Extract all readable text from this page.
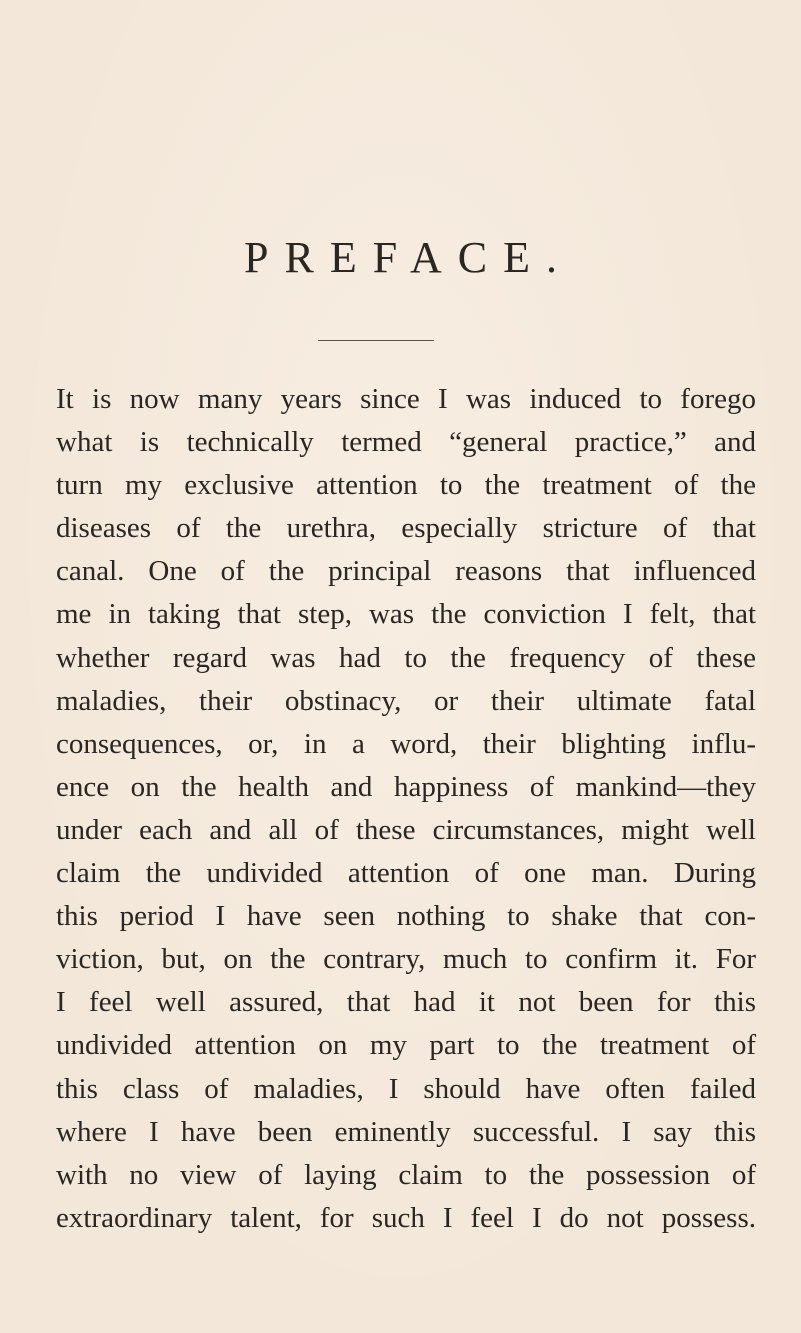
PREFACE.
It is now many years since I was induced to forego
what is technically termed “general practice,” and
turn my exclusive attention to the treatment of the
diseases of the urethra, especially stricture of that
canal. One of the principal reasons that influenced
me in taking that step, was the conviction I felt, that
whether regard was had to the frequency of these
maladies, their obstinacy, or their ultimate fatal
consequences, or, in a word, their blighting influ-
ence on the health and happiness of mankind—they
under each and all of these circumstances, might well
claim the undivided attention of one man. During
this period I have seen nothing to shake that con-
viction, but, on the contrary, much to confirm it. For
I feel well assured, that had it not been for this
undivided attention on my part to the treatment of
this class of maladies, I should have often failed
where I have been eminently successful. I say this
with no view of laying claim to the possession of
extraordinary talent, for such I feel I do not possess.
